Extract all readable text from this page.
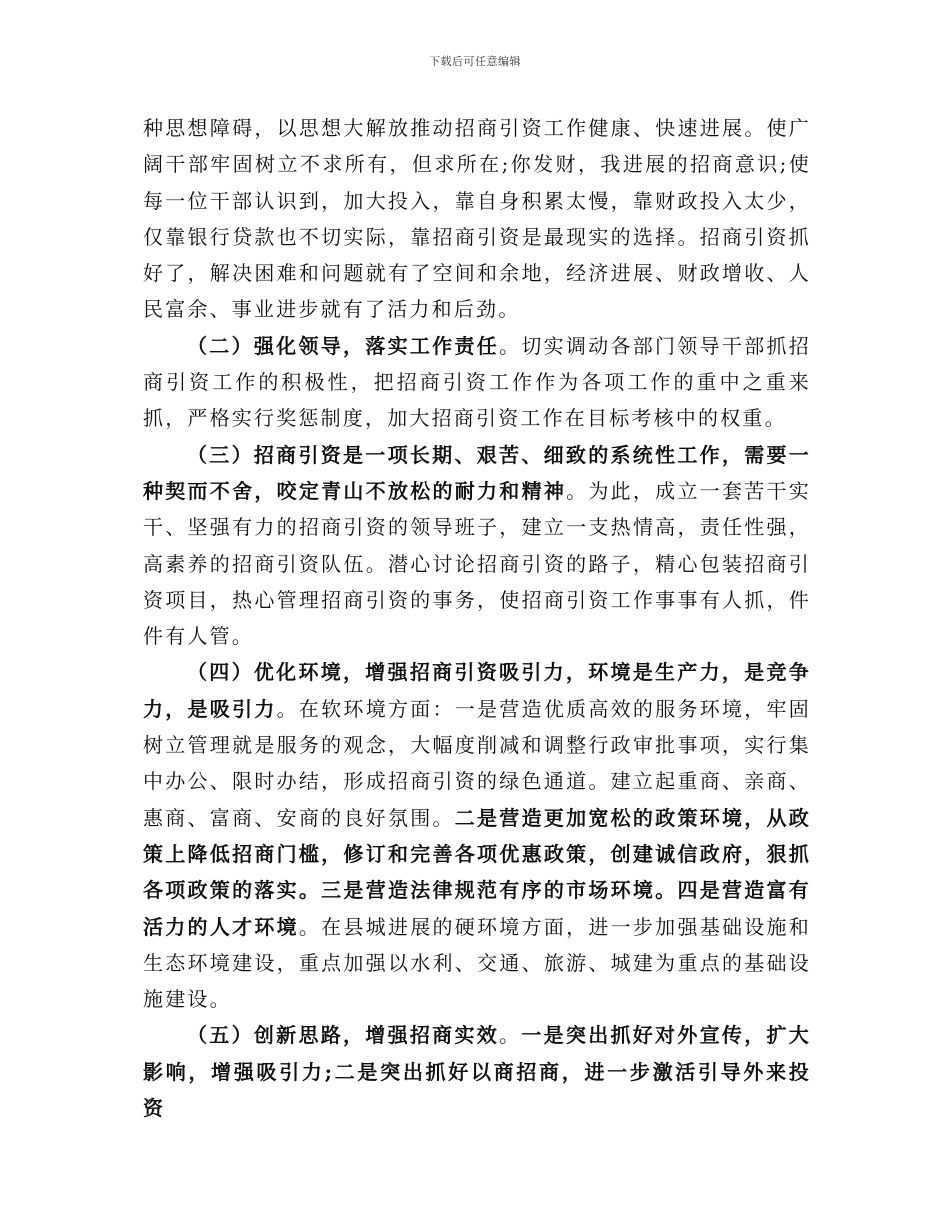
下载后可任意编辑

种思想障碍，以思想大解放推动招商引资工作健康、快速进展。使广阔干部牢固树立不求所有，但求所在;你发财，我进展的招商意识;使每一位干部认识到，加大投入，靠自身积累太慢，靠财政投入太少，仅靠银行贷款也不切实际，靠招商引资是最现实的选择。招商引资抓好了，解决困难和问题就有了空间和余地，经济进展、财政增收、人民富余、事业进步就有了活力和后劲。

（二）强化领导，落实工作责任。切实调动各部门领导干部抓招商引资工作的积极性，把招商引资工作作为各项工作的重中之重来抓，严格实行奖惩制度，加大招商引资工作在目标考核中的权重。

（三）招商引资是一项长期、艰苦、细致的系统性工作，需要一种契而不舍，咬定青山不放松的耐力和精神。为此，成立一套苦干实干、坚强有力的招商引资的领导班子，建立一支热情高，责任性强，高素养的招商引资队伍。潜心讨论招商引资的路子，精心包装招商引资项目，热心管理招商引资的事务，使招商引资工作事事有人抓，件件有人管。

（四）优化环境，增强招商引资吸引力，环境是生产力，是竞争力，是吸引力。在软环境方面：一是营造优质高效的服务环境，牢固树立管理就是服务的观念，大幅度削减和调整行政审批事项，实行集中办公、限时办结，形成招商引资的绿色通道。建立起重商、亲商、惠商、富商、安商的良好氛围。二是营造更加宽松的政策环境，从政策上降低招商门槛，修订和完善各项优惠政策，创建诚信政府，狠抓各项政策的落实。三是营造法律规范有序的市场环境。四是营造富有活力的人才环境。在县城进展的硬环境方面，进一步加强基础设施和生态环境建设，重点加强以水利、交通、旅游、城建为重点的基础设施建设。

（五）创新思路，增强招商实效。一是突出抓好对外宣传，扩大影响，增强吸引力;二是突出抓好以商招商，进一步激活引导外来投资
